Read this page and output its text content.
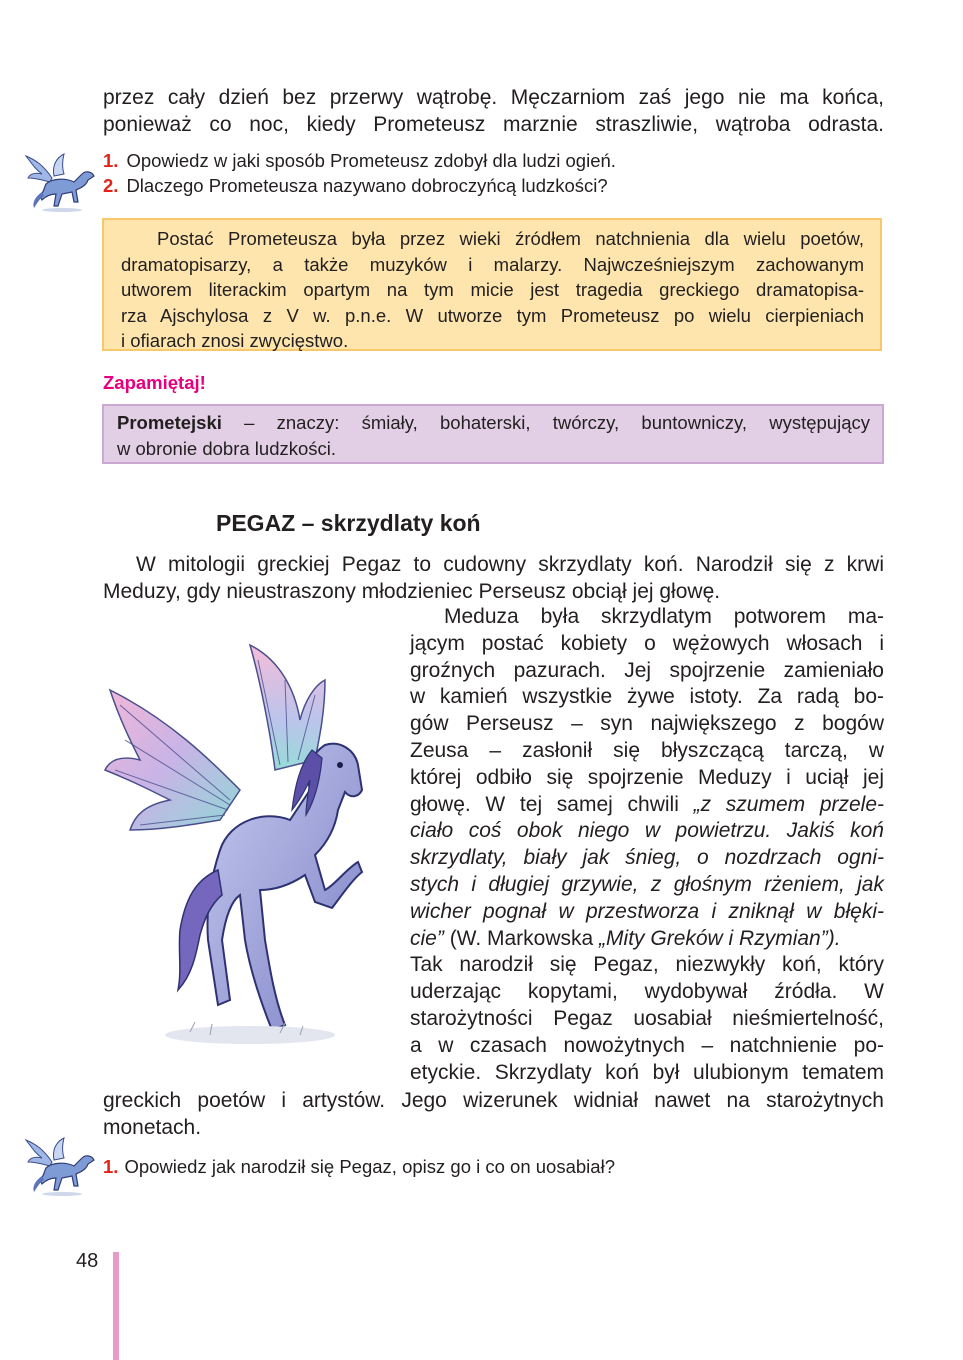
przez cały dzień bez przerwy wątrobę. Męczarniom zaś jego nie ma końca,
ponieważ co noc, kiedy Prometeusz marznie straszliwie, wątroba odrasta.
1. Opowiedz w jaki sposób Prometeusz zdobył dla ludzi ogień.
2. Dlaczego Prometeusza nazywano dobroczyńcą ludzkości?
Postać Prometeusza była przez wieki źródłem natchnienia dla wielu poetów,
dramatopisarzy, a także muzyków i malarzy. Najwcześniejszym zachowanym
utworem literackim opartym na tym micie jest tragedia greckiego dramatopisa-
rza Ajschylosa z V w. p.n.e. W utworze tym Prometeusz po wielu cierpieniach
i ofiarach znosi zwycięstwo.
Zapamiętaj!
Prometejski – znaczy: śmiały, bohaterski, twórczy, buntowniczy, występujący
w obronie dobra ludzkości.
PEGAZ – skrzydlaty koń
W mitologii greckiej Pegaz to cudowny skrzydlaty koń. Narodził się z krwi
Meduzy, gdy nieustraszony młodzieniec Perseusz obciął jej głowę.
Meduza była skrzydlatym potworem ma-
jącym postać kobiety o wężowych włosach i
groźnych pazurach. Jej spojrzenie zamieniało
w kamień wszystkie żywe istoty. Za radą bo-
gów Perseusz – syn największego z bogów
Zeusa – zasłonił się błyszczącą tarczą, w
której odbiło się spojrzenie Meduzy i uciął jej
głowę. W tej samej chwili „z szumem przele-
ciało coś obok niego w powietrzu. Jakiś koń
skrzydlaty, biały jak śnieg, o nozdrzach ogni-
stych i długiej grzywie, z głośnym rżeniem, jak
wicher pognał w przestworza i zniknął w błęki-
cie” (W. Markowska „Mity Greków i Rzymian”).
Tak narodził się Pegaz, niezwykły koń, który
uderzając kopytami, wydobywał źródła. W
starożytności Pegaz uosabiał nieśmiertelność,
a w czasach nowożytnych – natchnienie po-
etyckie. Skrzydlaty koń był ulubionym tematem
greckich poetów i artystów. Jego wizerunek widniał nawet na starożytnych
monetach.
1. Opowiedz jak narodził się Pegaz, opisz go i co on uosabiał?
48
